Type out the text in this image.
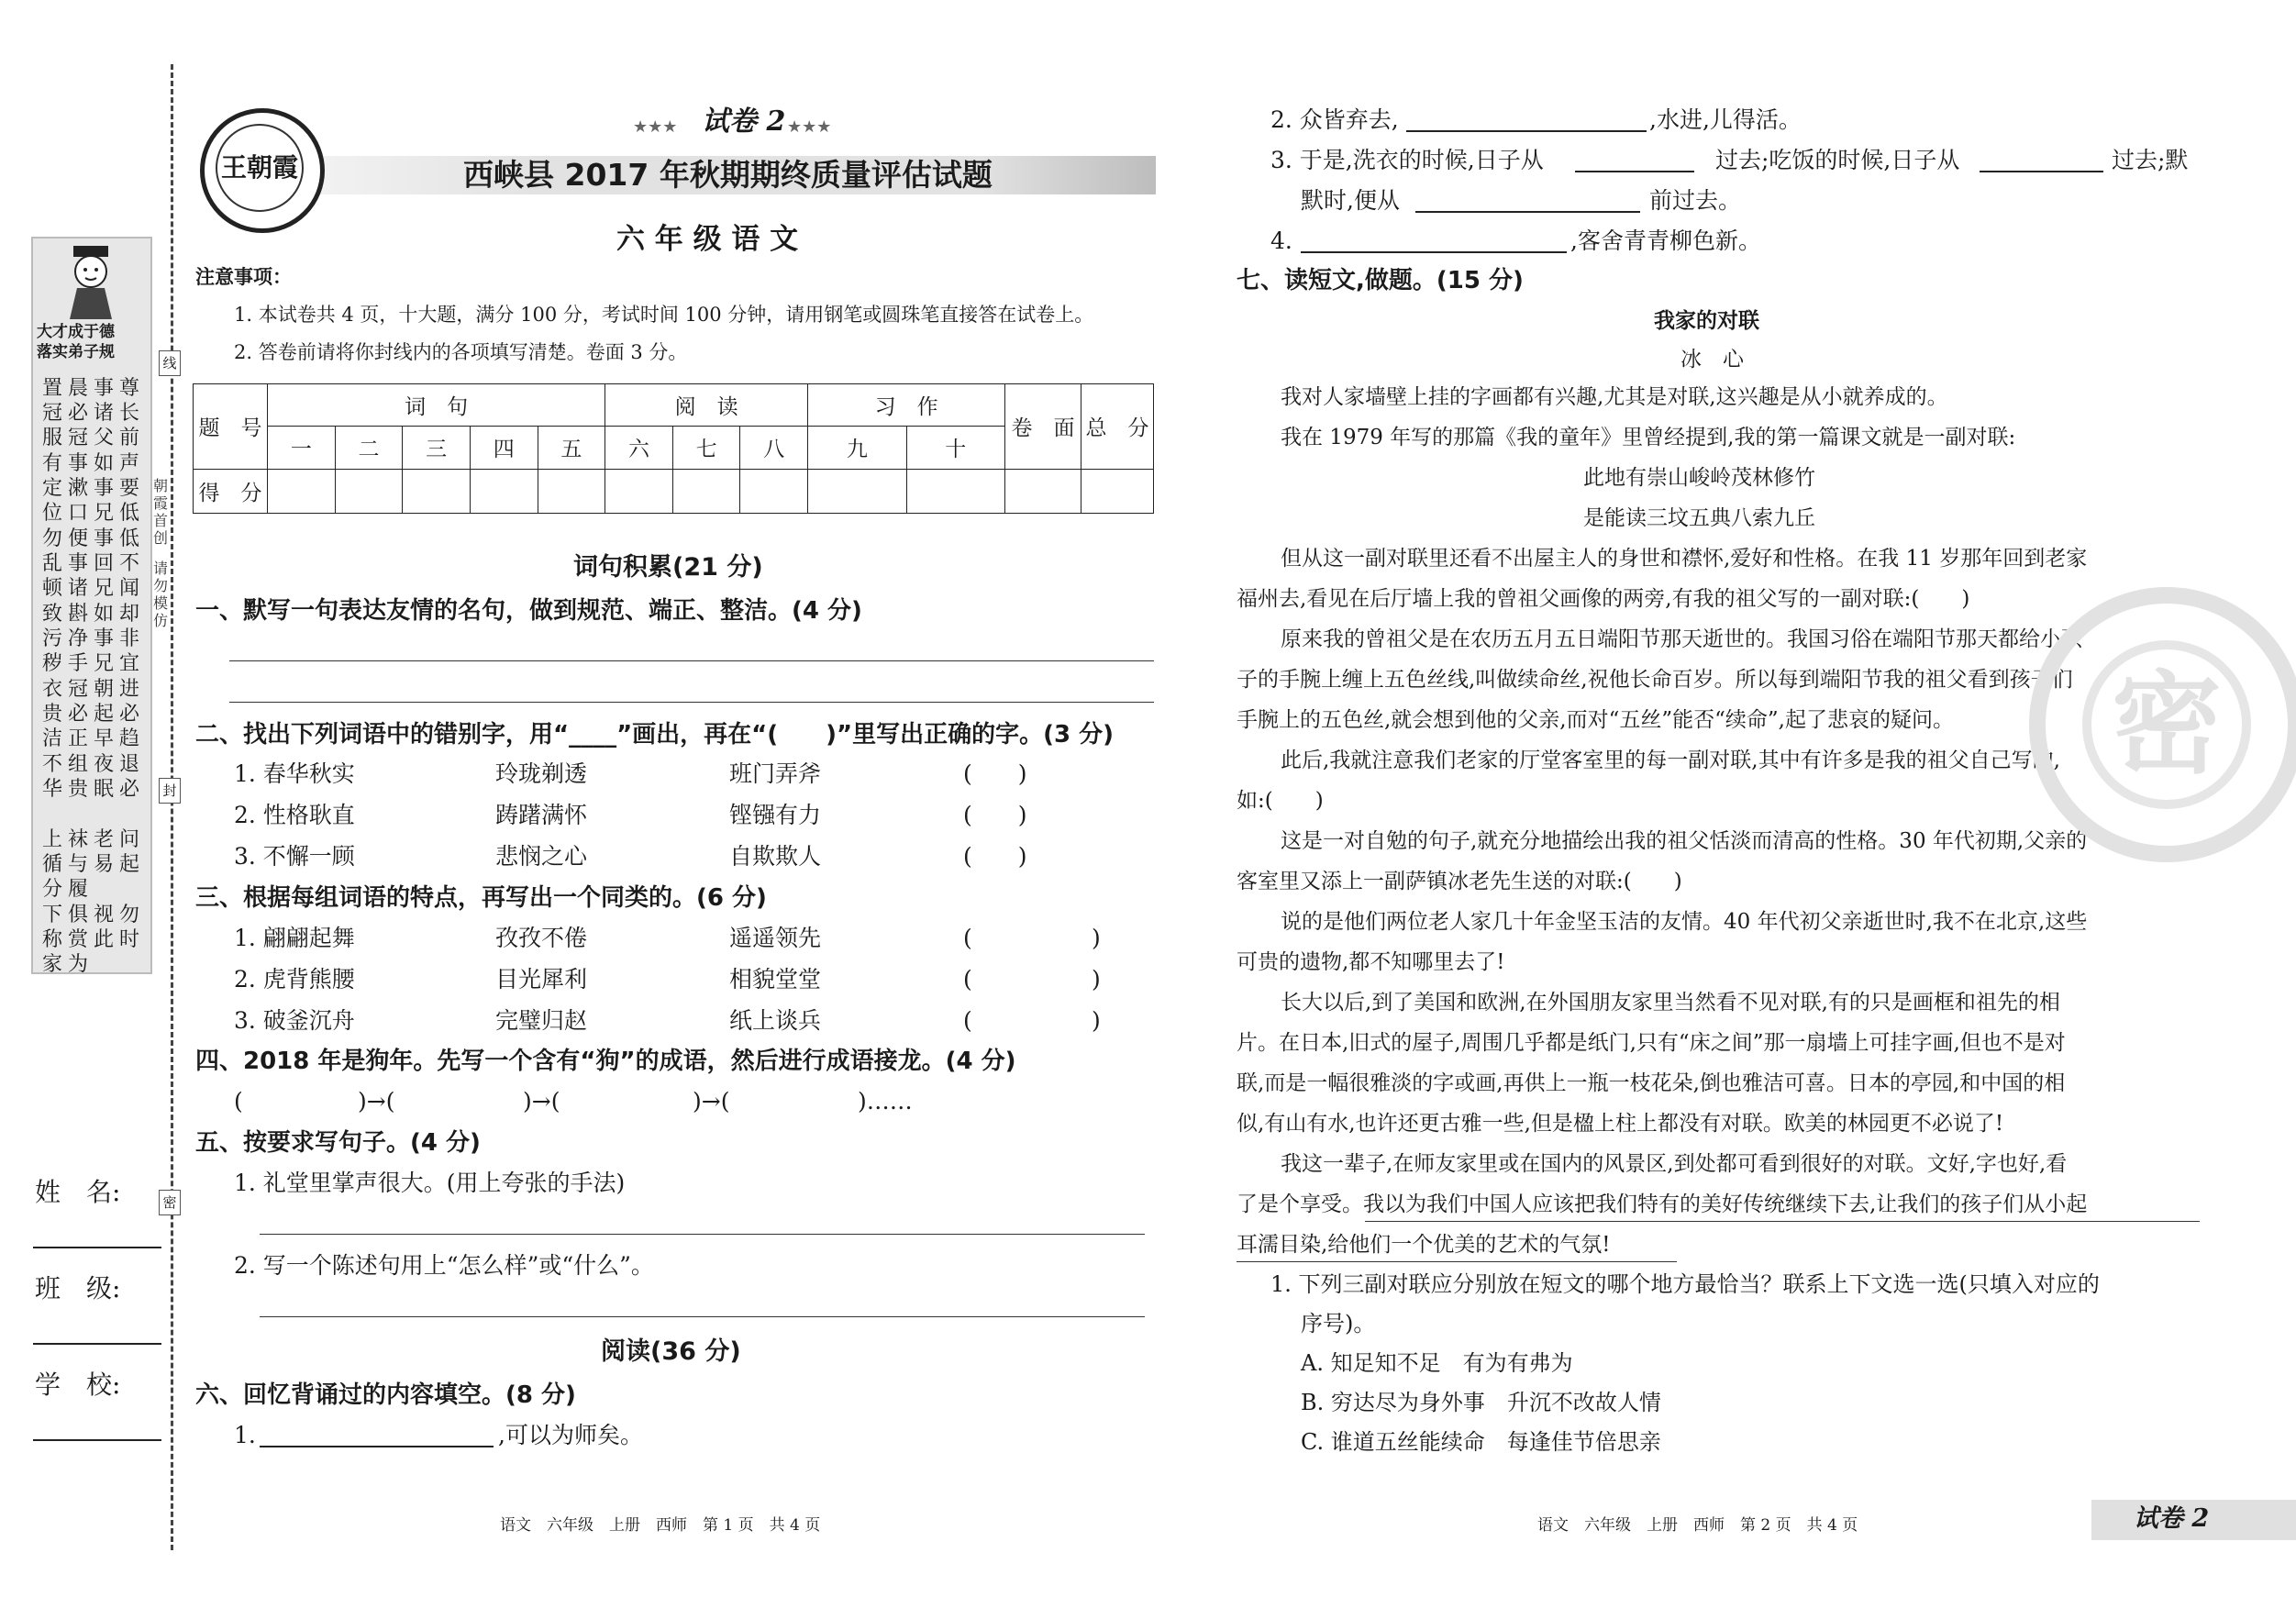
大才成于德
落实弟子规
置冠服
晨必冠
事诸父
尊长前
有定位
事漱口
如事兄
声要低
勿乱顿
便事诸
事回兄
低不闻
致污秽
斟净手
如事兄
却非宜
衣贵洁
冠必正
朝起早
进必趋
不华
组贵
夜眠
退必
上循分
袜与履
老易
问起
下称家
俱赏为
视此
勿时
朝霞首创
请勿模仿
线
封
密
姓　名:
班　级:
学　校:
王朝霞
★★★ 试卷 2 ★★★
西峡县 2017 年秋期期终质量评估试题
六 年 级 语 文
注意事项：
1. 本试卷共 4 页，十大题，满分 100 分，考试时间 100 分钟，请用钢笔或圆珠笔直接答在试卷上。
2. 答卷前请将你封线内的各项填写清楚。卷面 3 分。
题　号	词　句					阅　读			习　作		卷　面	总　分
	一	二	三	四	五	六	七	八	九	十		
得　分												
词句积累(21 分)
一、默写一句表达友情的名句，做到规范、端正、整洁。(4 分)
二、找出下列词语中的错别字，用“____”画出，再在“(　　)”里写出正确的字。(3 分)
1. 春华秋实	玲珑剃透	班门弄斧	(　　)
2. 性格耿直	踌躇满怀	铿镪有力	(　　)
3. 不懈一顾	悲悯之心	自欺欺人	(　　)
三、根据每组词语的特点，再写出一个同类的。(6 分)
1. 翩翩起舞	孜孜不倦	遥遥领先	(	)
2. 虎背熊腰	目光犀利	相貌堂堂	(	)
3. 破釜沉舟	完璧归赵	纸上谈兵	(	)
四、2018 年是狗年。先写一个含有“狗”的成语，然后进行成语接龙。(4 分)
(	)→(	)→(	)→(	)……
五、按要求写句子。(4 分)
1. 礼堂里掌声很大。(用上夸张的手法)
2. 写一个陈述句用上“怎么样”或“什么”。
阅读(36 分)
六、回忆背诵过的内容填空。(8 分)
1.	,可以为师矣。
2. 众皆弃去,	,水进,儿得活。
3. 于是,洗衣的时候,日子从	过去;吃饭的时候,日子从	过去;默
默时,便从	前过去。
4.	,客舍青青柳色新。
七、读短文,做题。(15 分)
我家的对联
冰　心
我对人家墙壁上挂的字画都有兴趣,尤其是对联,这兴趣是从小就养成的。
我在 1979 年写的那篇《我的童年》里曾经提到,我的第一篇课文就是一副对联:
此地有崇山峻岭茂林修竹
是能读三坟五典八索九丘
但从这一副对联里还看不出屋主人的身世和襟怀,爱好和性格。在我 11 岁那年回到老家
福州去,看见在后厅墙上我的曾祖父画像的两旁,有我的祖父写的一副对联:(　　)
原来我的曾祖父是在农历五月五日端阳节那天逝世的。我国习俗在端阳节那天都给小孩
子的手腕上缠上五色丝线,叫做续命丝,祝他长命百岁。所以每到端阳节我的祖父看到孩子们
手腕上的五色丝,就会想到他的父亲,而对“五丝”能否“续命”,起了悲哀的疑问。
此后,我就注意我们老家的厅堂客室里的每一副对联,其中有许多是我的祖父自己写的,
如:(　　)
这是一对自勉的句子,就充分地描绘出我的祖父恬淡而清高的性格。30 年代初期,父亲的
客室里又添上一副萨镇冰老先生送的对联:(　　)
说的是他们两位老人家几十年金坚玉洁的友情。40 年代初父亲逝世时,我不在北京,这些
可贵的遗物,都不知哪里去了!
长大以后,到了美国和欧洲,在外国朋友家里当然看不见对联,有的只是画框和祖先的相
片。在日本,旧式的屋子,周围几乎都是纸门,只有“床之间”那一扇墙上可挂字画,但也不是对
联,而是一幅很雅淡的字或画,再供上一瓶一枝花朵,倒也雅洁可喜。日本的亭园,和中国的相
似,有山有水,也许还更古雅一些,但是楹上柱上都没有对联。欧美的林园更不必说了!
我这一辈子,在师友家里或在国内的风景区,到处都可看到很好的对联。文好,字也好,看
了是个享受。我以为我们中国人应该把我们特有的美好传统继续下去,让我们的孩子们从小起
耳濡目染,给他们一个优美的艺术的气氛!
1. 下列三副对联应分别放在短文的哪个地方最恰当？联系上下文选一选(只填入对应的
序号)。
A. 知足知不足　有为有弗为
B. 穷达尽为身外事　升沉不改故人情
C. 谁道五丝能续命　每逢佳节倍思亲
密
语文　六年级　上册　西师　第 1 页　共 4 页	语文　六年级　上册　西师　第 2 页　共 4 页	试卷 2
